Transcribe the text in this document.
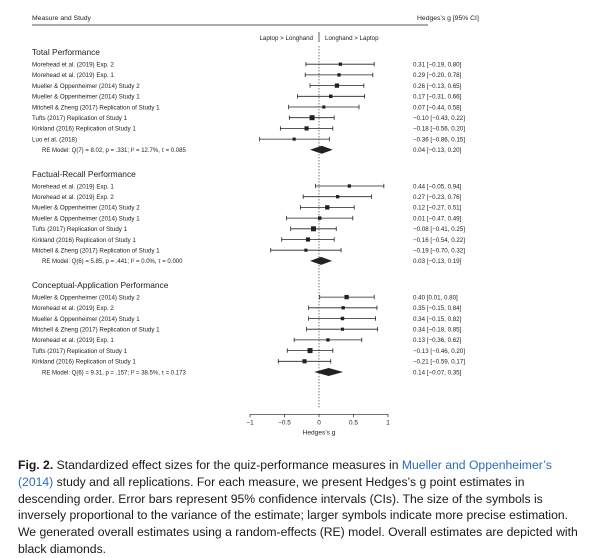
Measure and Study	Hedges’s g [95% CI]
Laptop > Longhand Longhand > Laptop
Total Performance
Morehead et al. (2019) Exp. 2	0.31 [−0.19, 0.80]
Morehead et al. (2019) Exp. 1	0.29 [−0.20, 0.78]
Mueller & Oppenheimer (2014) Study 2	0.26 [−0.13, 0.65]
Mueller & Oppenheimer (2014) Study 1	0.17 [−0.31, 0.66]
Mitchell & Zheng (2017) Replication of Study 1	0.07 [−0.44, 0.58]
Tufts (2017) Replication of Study 1	−0.10 [−0.43, 0.22]
Kirkland (2016) Replication of Study 1	−0.18 [−0.56, 0.20]
Luo et al. (2018)	−0.36 [−0.86, 0.15]
RE Model: Q(7) = 8.02, p = .331; I² = 12.7%, τ = 0.085	0.04 [−0.13, 0.20]
Factual-Recall Performance
Morehead et al. (2019) Exp. 1	0.44 [−0.05, 0.94]
Morehead et al. (2019) Exp. 2	0.27 [−0.23, 0.76]
Mueller & Oppenheimer (2014) Study 2	0.12 [−0.27, 0.51]
Mueller & Oppenheimer (2014) Study 1	0.01 [−0.47, 0.49]
Tufts (2017) Replication of Study 1	−0.08 [−0.41, 0.25]
Kirkland (2016) Replication of Study 1	−0.16 [−0.54, 0.22]
Mitchell & Zheng (2017) Replication of Study 1	−0.19 [−0.70, 0.32]
RE Model: Q(6) = 5.85, p = .441; I² = 0.0%, τ = 0.000	0.03 [−0.13, 0.19]
Conceptual-Application Performance
Mueller & Oppenheimer (2014) Study 2	0.40 [0.01, 0.80]
Morehead et al. (2019) Exp. 2	0.35 [−0.15, 0.84]
Mueller & Oppenheimer (2014) Study 1	0.34 [−0.15, 0.82]
Mitchell & Zheng (2017) Replication of Study 1	0.34 [−0.18, 0.85]
Morehead et al. (2019) Exp. 1	0.13 [−0.36, 0.62]
Tufts (2017) Replication of Study 1	−0.13 [−0.46, 0.20]
Kirkland (2016) Replication of Study 1	−0.21 [−0.59, 0.17]
RE Model: Q(6) = 9.31, p = .157; I² = 38.5%, τ = 0.173	0.14 [−0.07, 0.35]
−1	−0.5	0	0.5	1
Hedges’s g
Fig. 2. Standardized effect sizes for the quiz-performance measures in Mueller and Oppenheimer’s (2014) study and all replications. For each measure, we present Hedges’s g point estimates in descending order. Error bars represent 95% confidence intervals (CIs). The size of the symbols is inversely proportional to the variance of the estimate; larger symbols indicate more precise estimation. We generated overall estimates using a random-effects (RE) model. Overall estimates are depicted with black diamonds.
